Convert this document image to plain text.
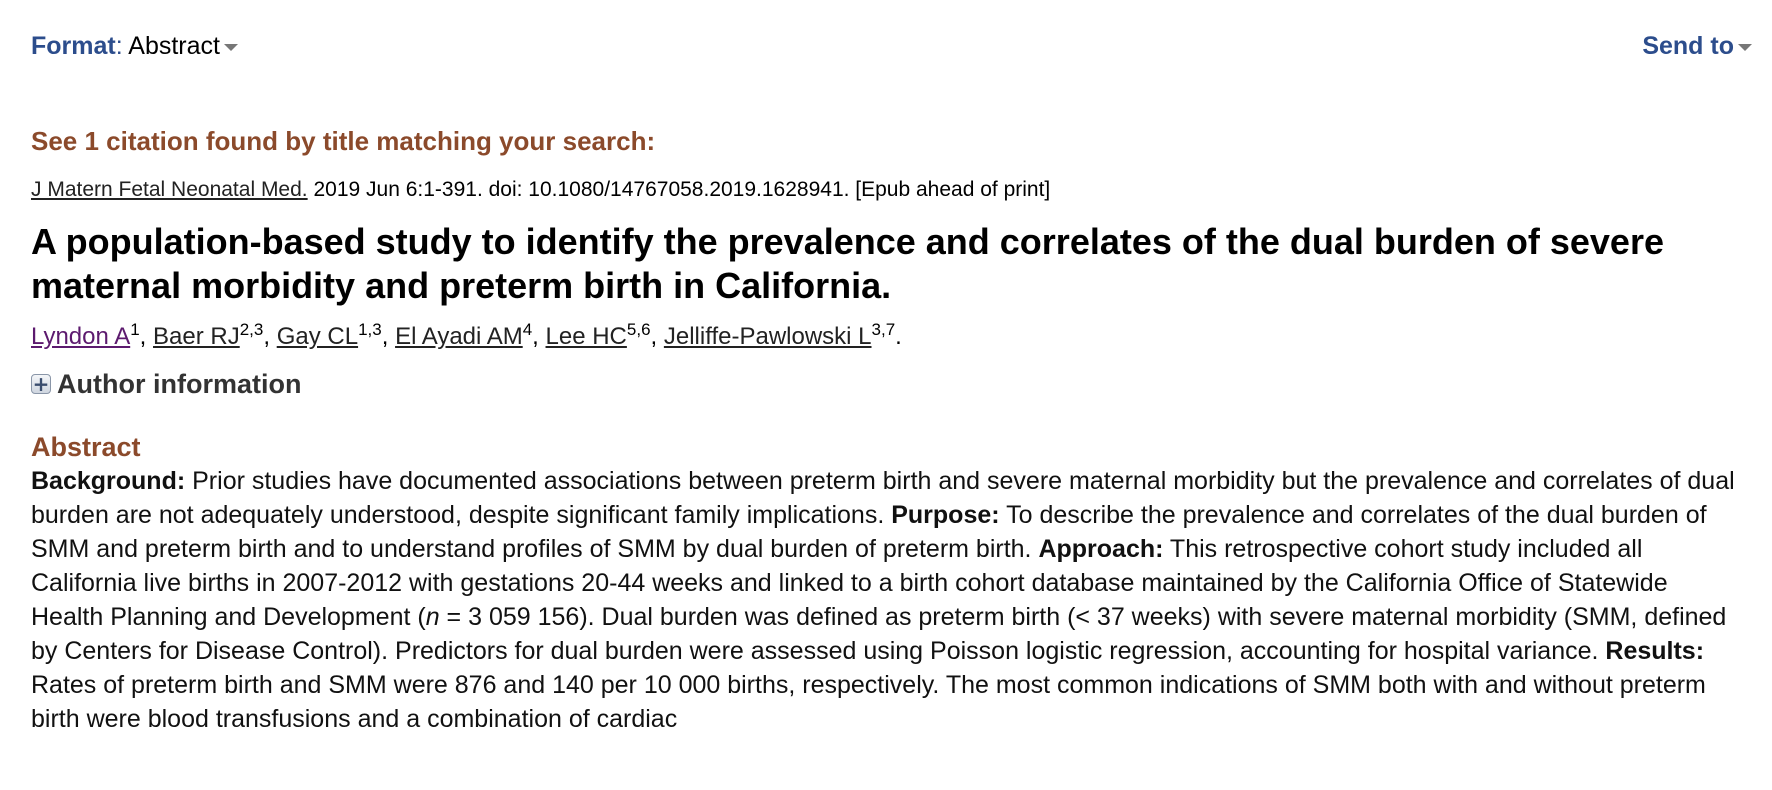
Format: Abstract	Send to

See 1 citation found by title matching your search:

J Matern Fetal Neonatal Med. 2019 Jun 6:1-391. doi: 10.1080/14767058.2019.1628941. [Epub ahead of print]
A population-based study to identify the prevalence and correlates of the dual burden of severe maternal morbidity and preterm birth in California.
Lyndon $A^1$, Baer RJ$^{2,3}$, Gay CL$^{1,3}$, El Ayadi $AM^4$, Lee HC$^{5,6}$, Jelliffe-Pawlowski L$^{3,7}$.
+ Author information
Abstract
Background: Prior studies have documented associations between preterm birth and severe maternal morbidity but the prevalence and correlates of dual burden are not adequately understood, despite significant family implications. Purpose: To describe the prevalence and correlates of the dual burden of SMM and preterm birth and to understand profiles of SMM by dual burden of preterm birth. Approach: This retrospective cohort study included all California live births in 2007-2012 with gestations 20-44 weeks and linked to a birth cohort database maintained by the California Office of Statewide Health Planning and Development (n = 3 059 156). Dual burden was defined as preterm birth (< 37 weeks) with severe maternal morbidity (SMM, defined by Centers for Disease Control). Predictors for dual burden were assessed using Poisson logistic regression, accounting for hospital variance. Results: Rates of preterm birth and SMM were 876 and 140 per 10 000 births, respectively. The most common indications of SMM both with and without preterm birth were blood transfusions and a combination of cardiac
